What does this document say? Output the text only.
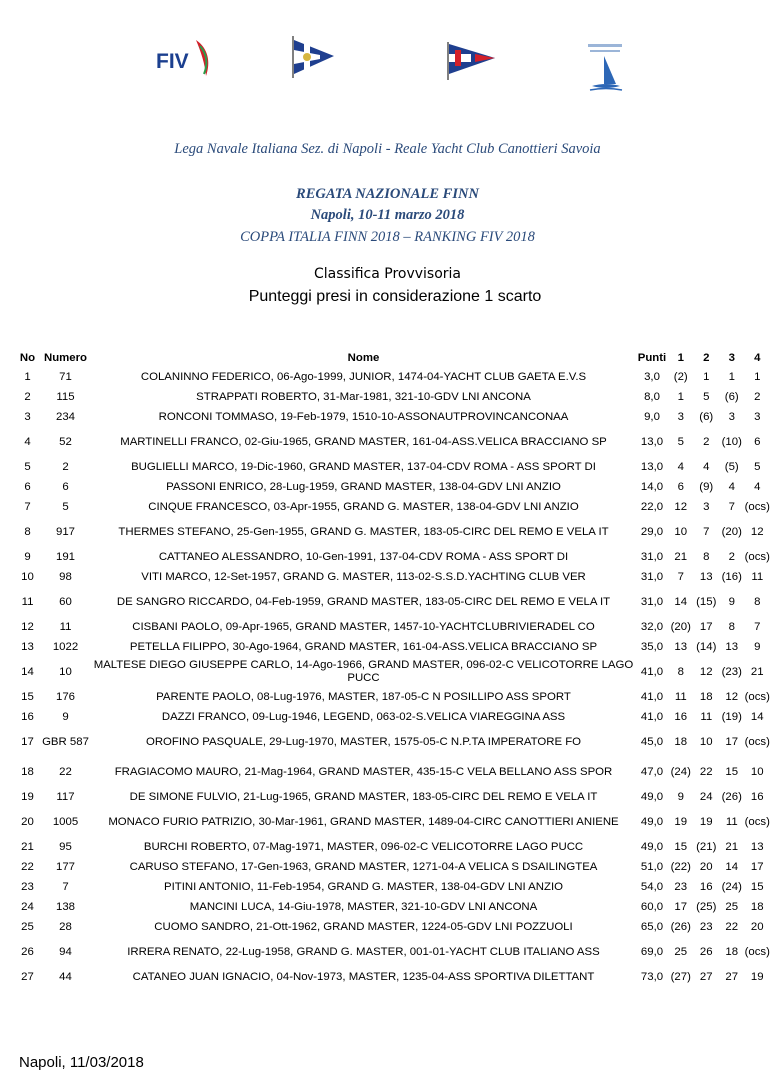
FIV
Lega Navale Italiana Sez. di Napoli - Reale Yacht Club Canottieri Savoia
REGATA NAZIONALE FINN
Napoli, 10-11 marzo 2018
COPPA ITALIA FINN 2018 – RANKING FIV 2018
Classifica Provvisoria
Punteggi presi in considerazione 1 scarto
No	Numero	Nome	Punti	1	2	3	4
1	71	COLANINNO FEDERICO, 06-Ago-1999, JUNIOR, 1474-04-YACHT CLUB GAETA E.V.S	3,0	(2)	1	1	1
2	115	STRAPPATI ROBERTO, 31-Mar-1981, 321-10-GDV LNI ANCONA	8,0	1	5	(6)	2
3	234	RONCONI TOMMASO, 19-Feb-1979, 1510-10-ASSONAUTPROVINCANCONAA	9,0	3	(6)	3	3
4	52	MARTINELLI FRANCO, 02-Giu-1965, GRAND MASTER, 161-04-ASS.VELICA BRACCIANO SP	13,0	5	2	(10)	6
5	2	BUGLIELLI MARCO, 19-Dic-1960, GRAND MASTER, 137-04-CDV ROMA - ASS SPORT DI	13,0	4	4	(5)	5
6	6	PASSONI ENRICO, 28-Lug-1959, GRAND MASTER, 138-04-GDV LNI ANZIO	14,0	6	(9)	4	4
7	5	CINQUE FRANCESCO, 03-Apr-1955, GRAND G. MASTER, 138-04-GDV LNI ANZIO	22,0	12	3	7	(ocs)
8	917	THERMES STEFANO, 25-Gen-1955, GRAND G. MASTER, 183-05-CIRC DEL REMO E VELA IT	29,0	10	7	(20)	12
9	191	CATTANEO ALESSANDRO, 10-Gen-1991, 137-04-CDV ROMA - ASS SPORT DI	31,0	21	8	2	(ocs)
10	98	VITI MARCO, 12-Set-1957, GRAND G. MASTER, 113-02-S.S.D.YACHTING CLUB VER	31,0	7	13	(16)	11
11	60	DE SANGRO RICCARDO, 04-Feb-1959, GRAND MASTER, 183-05-CIRC DEL REMO E VELA IT	31,0	14	(15)	9	8
12	11	CISBANI PAOLO, 09-Apr-1965, GRAND MASTER, 1457-10-YACHTCLUBRIVIERADEL CO	32,0	(20)	17	8	7
13	1022	PETELLA FILIPPO, 30-Ago-1964, GRAND MASTER, 161-04-ASS.VELICA BRACCIANO SP	35,0	13	(14)	13	9
14	10	MALTESE DIEGO GIUSEPPE CARLO, 14-Ago-1966, GRAND MASTER, 096-02-C VELICOTORRE LAGO PUCC	41,0	8	12	(23)	21
15	176	PARENTE PAOLO, 08-Lug-1976, MASTER, 187-05-C N POSILLIPO ASS SPORT	41,0	11	18	12	(ocs)
16	9	DAZZI FRANCO, 09-Lug-1946, LEGEND, 063-02-S.VELICA VIAREGGINA ASS	41,0	16	11	(19)	14
17	GBR 587	OROFINO PASQUALE, 29-Lug-1970, MASTER, 1575-05-C N.P.TA IMPERATORE FO	45,0	18	10	17	(ocs)
18	22	FRAGIACOMO MAURO, 21-Mag-1964, GRAND MASTER, 435-15-C VELA BELLANO ASS SPOR	47,0	(24)	22	15	10
19	117	DE SIMONE FULVIO, 21-Lug-1965, GRAND MASTER, 183-05-CIRC DEL REMO E VELA IT	49,0	9	24	(26)	16
20	1005	MONACO FURIO PATRIZIO, 30-Mar-1961, GRAND MASTER, 1489-04-CIRC CANOTTIERI ANIENE	49,0	19	19	11	(ocs)
21	95	BURCHI ROBERTO, 07-Mag-1971, MASTER, 096-02-C VELICOTORRE LAGO PUCC	49,0	15	(21)	21	13
22	177	CARUSO STEFANO, 17-Gen-1963, GRAND MASTER, 1271-04-A VELICA S DSAILINGTEA	51,0	(22)	20	14	17
23	7	PITINI ANTONIO, 11-Feb-1954, GRAND G. MASTER, 138-04-GDV LNI ANZIO	54,0	23	16	(24)	15
24	138	MANCINI LUCA, 14-Giu-1978, MASTER, 321-10-GDV LNI ANCONA	60,0	17	(25)	25	18
25	28	CUOMO SANDRO, 21-Ott-1962, GRAND MASTER, 1224-05-GDV LNI POZZUOLI	65,0	(26)	23	22	20
26	94	IRRERA RENATO, 22-Lug-1958, GRAND G. MASTER, 001-01-YACHT CLUB ITALIANO ASS	69,0	25	26	18	(ocs)
27	44	CATANEO JUAN IGNACIO, 04-Nov-1973, MASTER, 1235-04-ASS SPORTIVA DILETTANT	73,0	(27)	27	27	19
Napoli, 11/03/2018
